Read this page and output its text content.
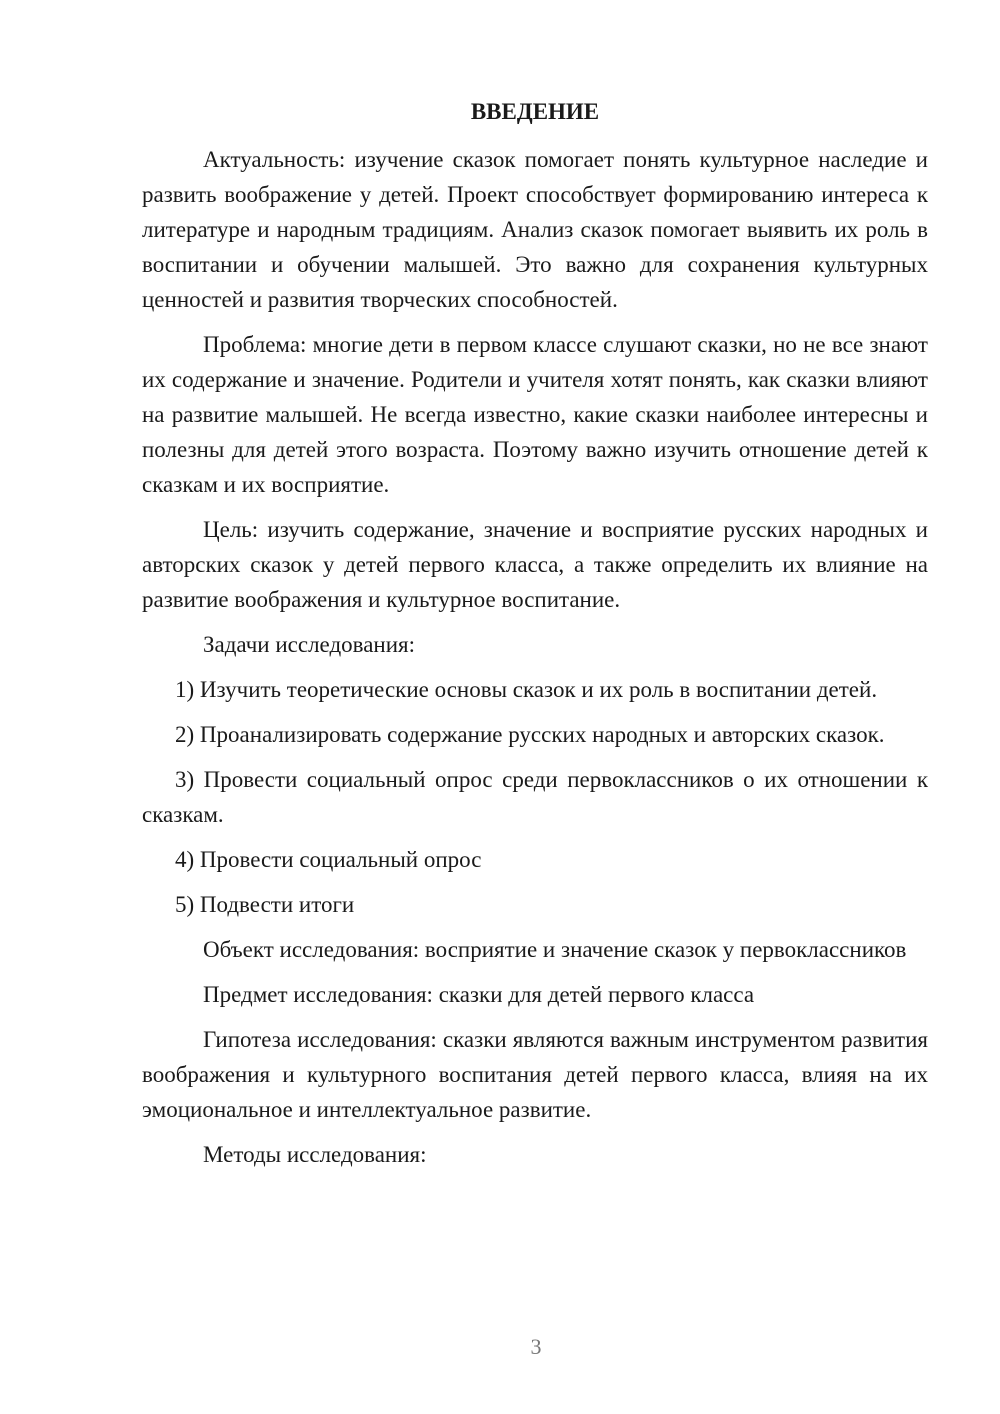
ВВЕДЕНИЕ

Актуальность: изучение сказок помогает понять культурное наследие и развить воображение у детей. Проект способствует формированию интереса к литературе и народным традициям. Анализ сказок помогает выявить их роль в воспитании и обучении малышей. Это важно для сохранения культурных ценностей и развития творческих способностей.

Проблема: многие дети в первом классе слушают сказки, но не все знают их содержание и значение. Родители и учителя хотят понять, как сказки влияют на развитие малышей. Не всегда известно, какие сказки наиболее интересны и полезны для детей этого возраста. Поэтому важно изучить отношение детей к сказкам и их восприятие.

Цель: изучить содержание, значение и восприятие русских народных и авторских сказок у детей первого класса, а также определить их влияние на развитие воображения и культурное воспитание.

Задачи исследования:

1) Изучить теоретические основы сказок и их роль в воспитании детей.

2) Проанализировать содержание русских народных и авторских сказок.

3) Провести социальный опрос среди первоклассников о их отношении к сказкам.

4) Провести социальный опрос

5) Подвести итоги

Объект исследования: восприятие и значение сказок у первоклассников

Предмет исследования: сказки для детей первого класса

Гипотеза исследования: сказки являются важным инструментом развития воображения и культурного воспитания детей первого класса, влияя на их эмоциональное и интеллектуальное развитие.

Методы исследования:

3
